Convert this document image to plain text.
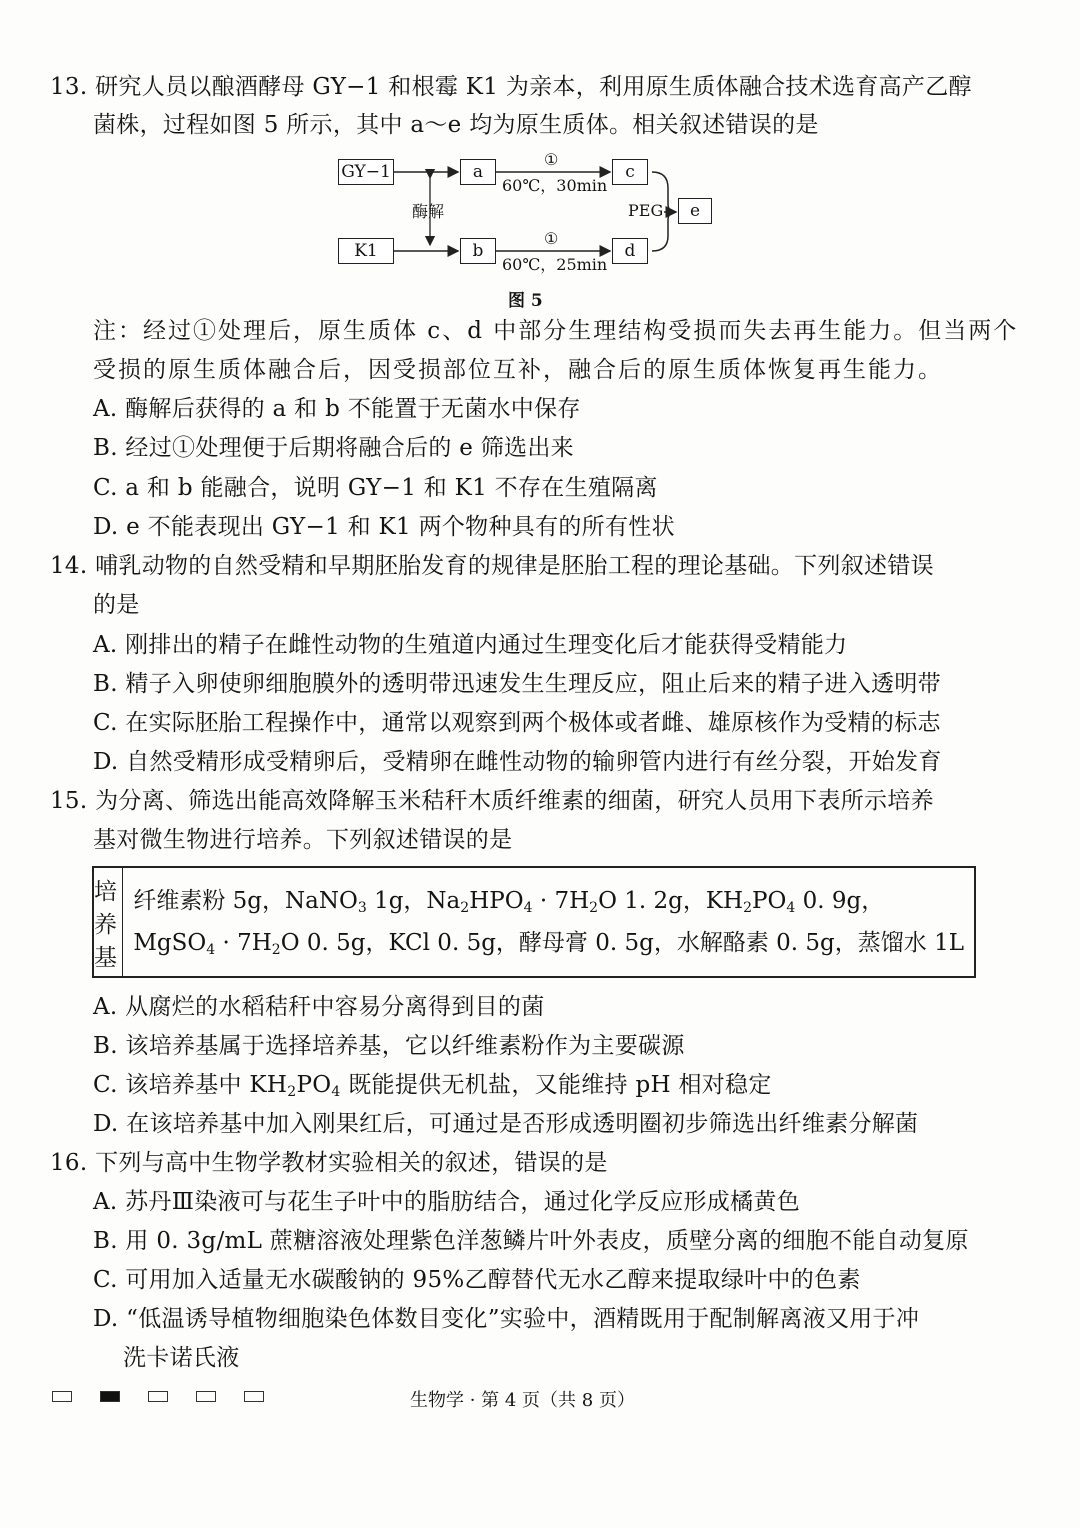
13. 研究人员以酿酒酵母 GY−1 和根霉 K1 为亲本，利用原生质体融合技术选育高产乙醇
菌株，过程如图 5 所示，其中 a～e 均为原生质体。相关叙述错误的是
GY−1
K1
a
b
c
d
e
酶解
①
60℃，30min
①
60℃，25min
PEG
图 5
注：经过①处理后，原生质体 c、d 中部分生理结构受损而失去再生能力。但当两个
受损的原生质体融合后，因受损部位互补，融合后的原生质体恢复再生能力。
A. 酶解后获得的 a 和 b 不能置于无菌水中保存
B. 经过①处理便于后期将融合后的 e 筛选出来
C. a 和 b 能融合，说明 GY−1 和 K1 不存在生殖隔离
D. e 不能表现出 GY−1 和 K1 两个物种具有的所有性状
14. 哺乳动物的自然受精和早期胚胎发育的规律是胚胎工程的理论基础。下列叙述错误
的是
A. 刚排出的精子在雌性动物的生殖道内通过生理变化后才能获得受精能力
B. 精子入卵使卵细胞膜外的透明带迅速发生生理反应，阻止后来的精子进入透明带
C. 在实际胚胎工程操作中，通常以观察到两个极体或者雌、雄原核作为受精的标志
D. 自然受精形成受精卵后，受精卵在雌性动物的输卵管内进行有丝分裂，开始发育
15. 为分离、筛选出能高效降解玉米秸秆木质纤维素的细菌，研究人员用下表所示培养
基对微生物进行培养。下列叙述错误的是
培养基
纤维素粉 5g，NaNO$_3$ 1g，$Na_2HPO_4 \cdot 7H_2O$ 1. 2g，$KH_2PO_4$ 0. 9g，
MgSO$_4$ · $7H_2O$ 0. 5g，KCl 0. 5g，酵母膏 0. 5g，水解酪素 0. 5g，蒸馏水 1L
A. 从腐烂的水稻秸秆中容易分离得到目的菌
B. 该培养基属于选择培养基，它以纤维素粉作为主要碳源
C. 该培养基中 $KH_2PO_4$ 既能提供无机盐，又能维持 pH 相对稳定
D. 在该培养基中加入刚果红后，可通过是否形成透明圈初步筛选出纤维素分解菌
16. 下列与高中生物学教材实验相关的叙述，错误的是
A. 苏丹Ⅲ染液可与花生子叶中的脂肪结合，通过化学反应形成橘黄色
B. 用 0. 3g/mL 蔗糖溶液处理紫色洋葱鳞片叶外表皮，质壁分离的细胞不能自动复原
C. 可用加入适量无水碳酸钠的 95%乙醇替代无水乙醇来提取绿叶中的色素
D. “低温诱导植物细胞染色体数目变化”实验中，酒精既用于配制解离液又用于冲
洗卡诺氏液
生物学 · 第 4 页（共 8 页）
